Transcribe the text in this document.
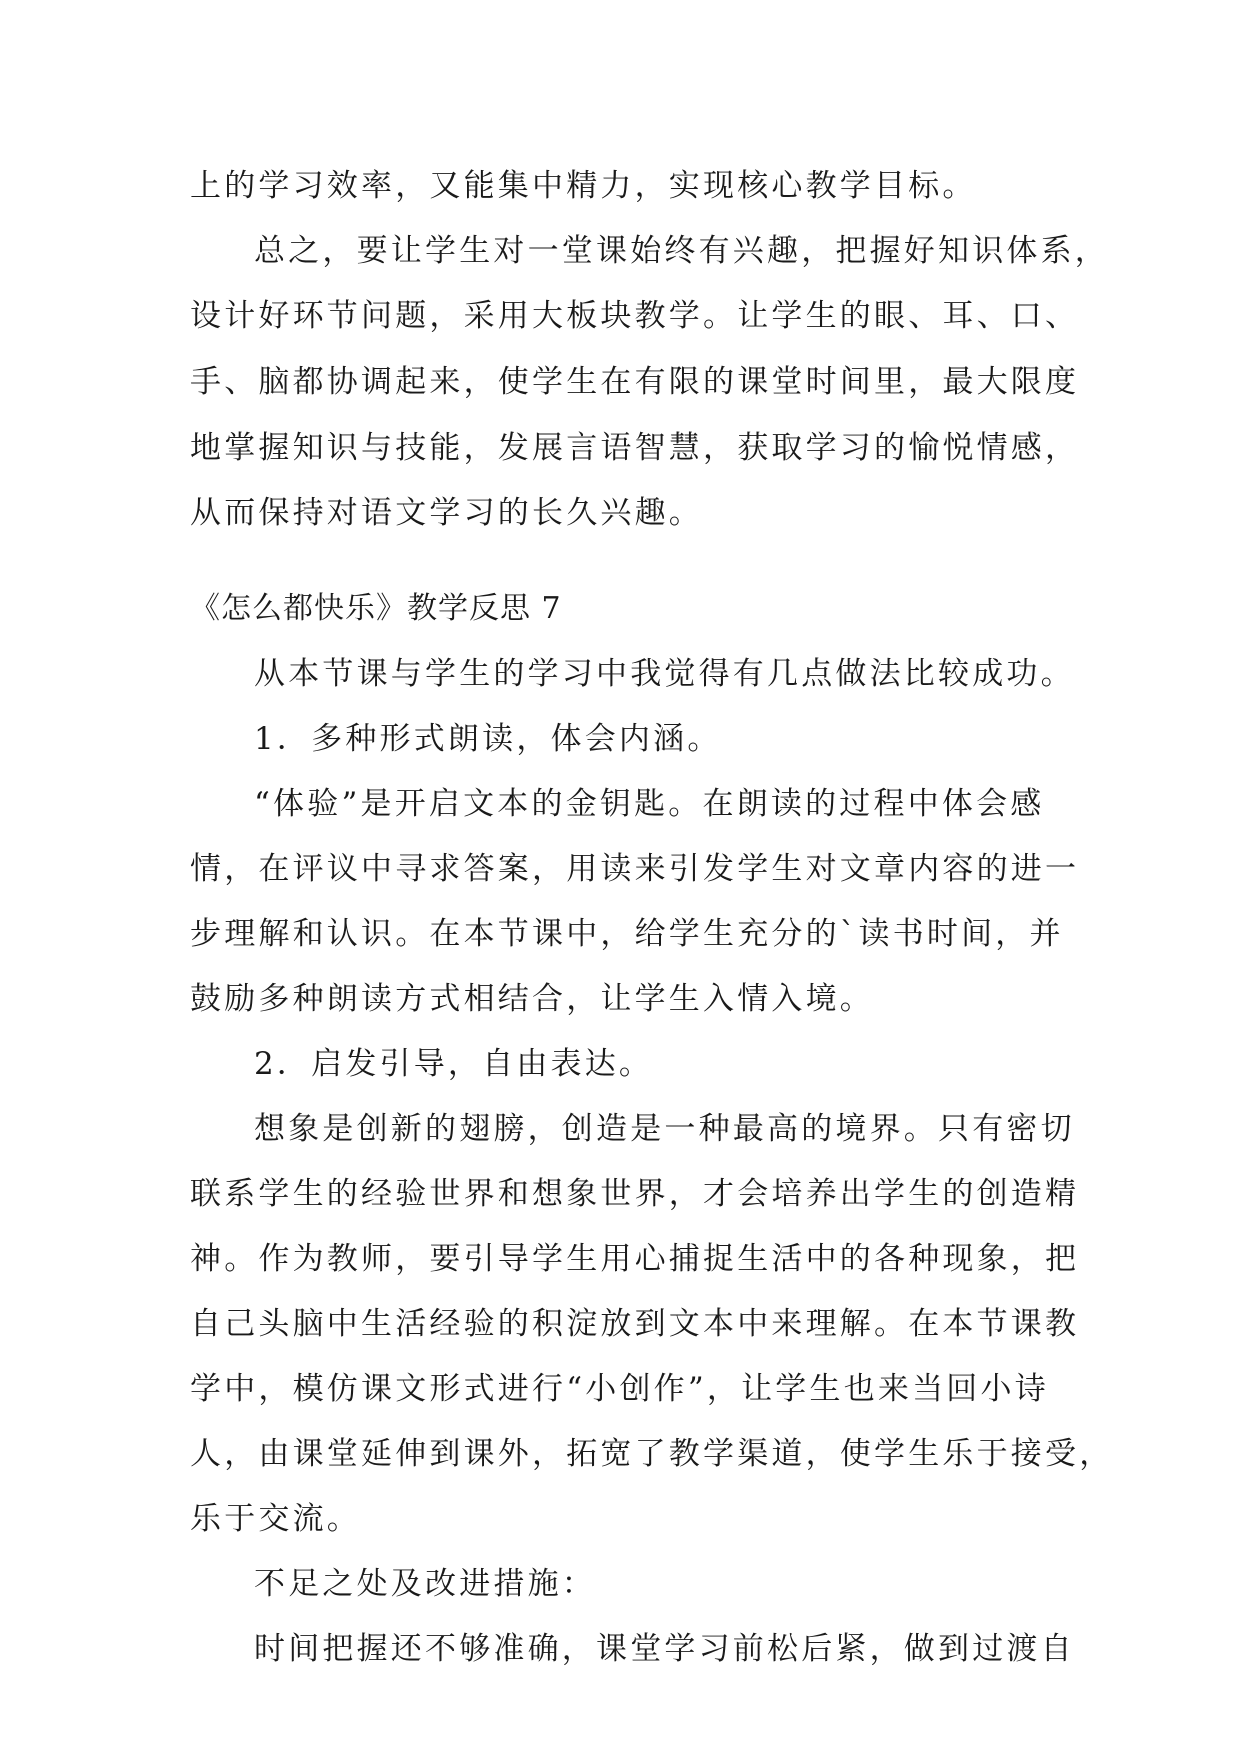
上的学习效率，又能集中精力，实现核心教学目标。

总之，要让学生对一堂课始终有兴趣，把握好知识体系，

设计好环节问题，采用大板块教学。让学生的眼、耳、口、

手、脑都协调起来，使学生在有限的课堂时间里，最大限度

地掌握知识与技能，发展言语智慧，获取学习的愉悦情感，

从而保持对语文学习的长久兴趣。

《怎么都快乐》教学反思 7

从本节课与学生的学习中我觉得有几点做法比较成功。

1．多种形式朗读，体会内涵。

“体验”是开启文本的金钥匙。在朗读的过程中体会感

情，在评议中寻求答案，用读来引发学生对文章内容的进一

步理解和认识。在本节课中，给学生充分的`读书时间，并

鼓励多种朗读方式相结合，让学生入情入境。

2．启发引导，自由表达。

想象是创新的翅膀，创造是一种最高的境界。只有密切

联系学生的经验世界和想象世界，才会培养出学生的创造精

神。作为教师，要引导学生用心捕捉生活中的各种现象，把

自己头脑中生活经验的积淀放到文本中来理解。在本节课教

学中，模仿课文形式进行“小创作”，让学生也来当回小诗

人，由课堂延伸到课外，拓宽了教学渠道，使学生乐于接受，

乐于交流。

不足之处及改进措施：

时间把握还不够准确，课堂学习前松后紧，做到过渡自
